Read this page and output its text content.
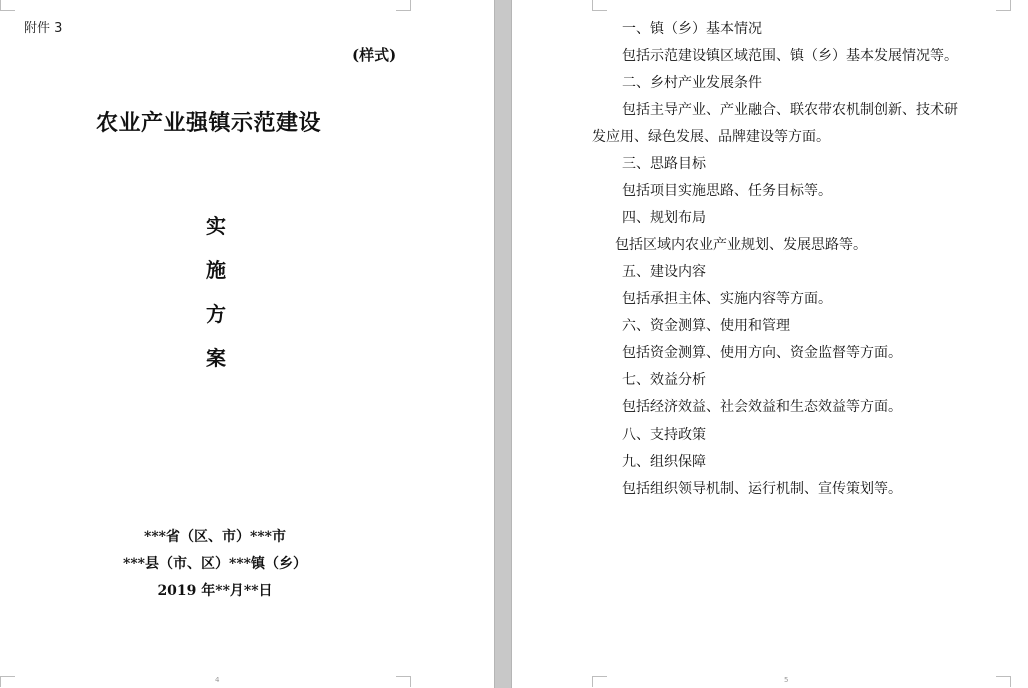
附件 3
(样式)
农业产业强镇示范建设
实
施
方
案
***省（区、市）***市
***县（市、区）***镇（乡）
2019 年**月**日
4
一、镇（乡）基本情况
包括示范建设镇区域范围、镇（乡）基本发展情况等。
二、乡村产业发展条件
包括主导产业、产业融合、联农带农机制创新、技术研
发应用、绿色发展、品牌建设等方面。
三、思路目标
包括项目实施思路、任务目标等。
四、规划布局
包括区域内农业产业规划、发展思路等。
五、建设内容
包括承担主体、实施内容等方面。
六、资金测算、使用和管理
包括资金测算、使用方向、资金监督等方面。
七、效益分析
包括经济效益、社会效益和生态效益等方面。
八、支持政策
九、组织保障
包括组织领导机制、运行机制、宣传策划等。
5
